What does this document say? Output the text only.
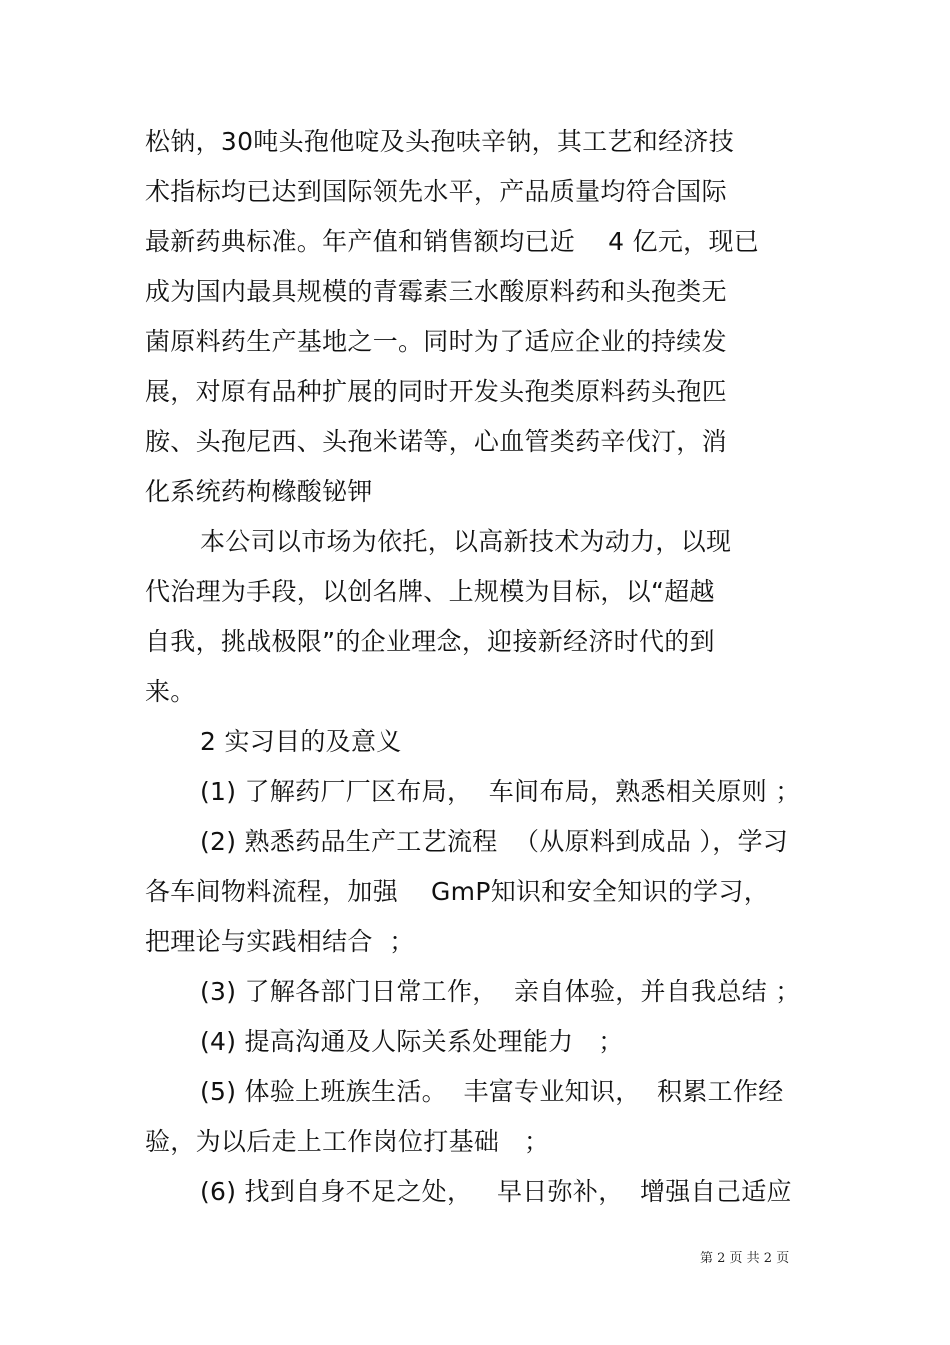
松钠，30吨头孢他啶及头孢呋辛钠，其工艺和经济技
术指标均已达到国际领先水平，产品质量均符合国际
最新药典标准。年产值和销售额均已近    4 亿元，现已
成为国内最具规模的青霉素三水酸原料药和头孢类无
菌原料药生产基地之一。同时为了适应企业的持续发
展，对原有品种扩展的同时开发头孢类原料药头孢匹
胺、头孢尼西、头孢米诺等，心血管类药辛伐汀，消
化系统药枸橼酸铋钾
本公司以市场为依托，以高新技术为动力，以现
代治理为手段，以创名牌、上规模为目标，以“超越
自我，挑战极限”的企业理念，迎接新经济时代的到
来。
2 实习目的及意义
(1) 了解药厂厂区布局，  车间布局，熟悉相关原则 ；
(2) 熟悉药品生产工艺流程  （从原料到成品 ），学习
各车间物料流程，加强    GmP知识和安全知识的学习，
把理论与实践相结合  ；
(3) 了解各部门日常工作，  亲自体验，并自我总结 ；
(4) 提高沟通及人际关系处理能力   ；
(5) 体验上班族生活。  丰富专业知识，  积累工作经
验，为以后走上工作岗位打基础   ；
(6) 找到自身不足之处，   早日弥补，  增强自己适应
第 2 页 共 2 页
